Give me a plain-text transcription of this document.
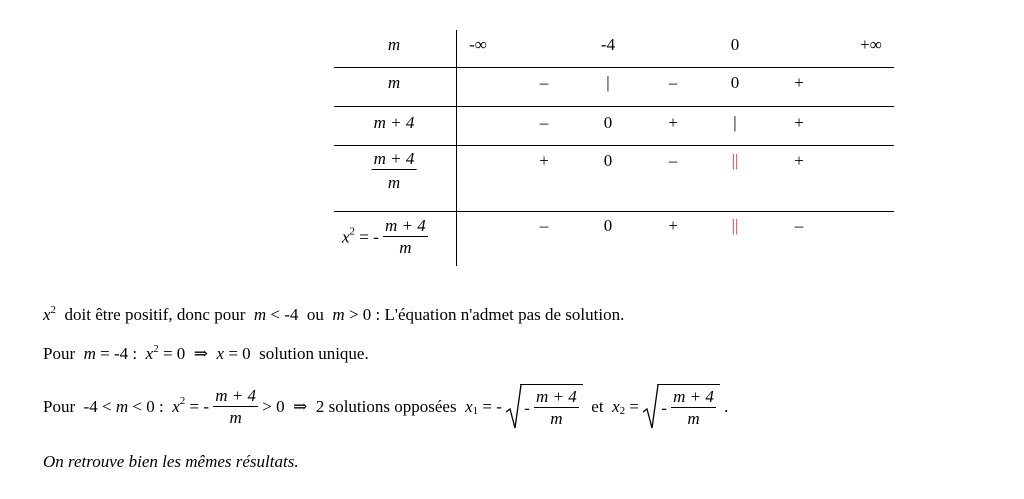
m	-∞	-4	0	+∞
m	–	|	–	0	+
m + 4	–	0	+	|	+
$\frac{m + 4}{m}$	+	0	–	||	+
$x^2$ = - $\frac{m + 4}{m}$	–	0	+	||	–
$x^2$  doit être positif, donc pour  m < -4  ou  m > 0 : L'équation n'admet pas de solution.
Pour  m = -4 :  $x^2 = 0$  ⇒  x = 0  solution unique.
Pour  -4 < m < 0 :  $x^2$ = - $\frac{m + 4}{m} > 0$  ⇒  2 solutions opposées  $x_1$ = - - $\frac{m + 4}{m}$ et  $x_2$ = - $\frac{m + 4}{m}$ .
On retrouve bien les mêmes résultats.
